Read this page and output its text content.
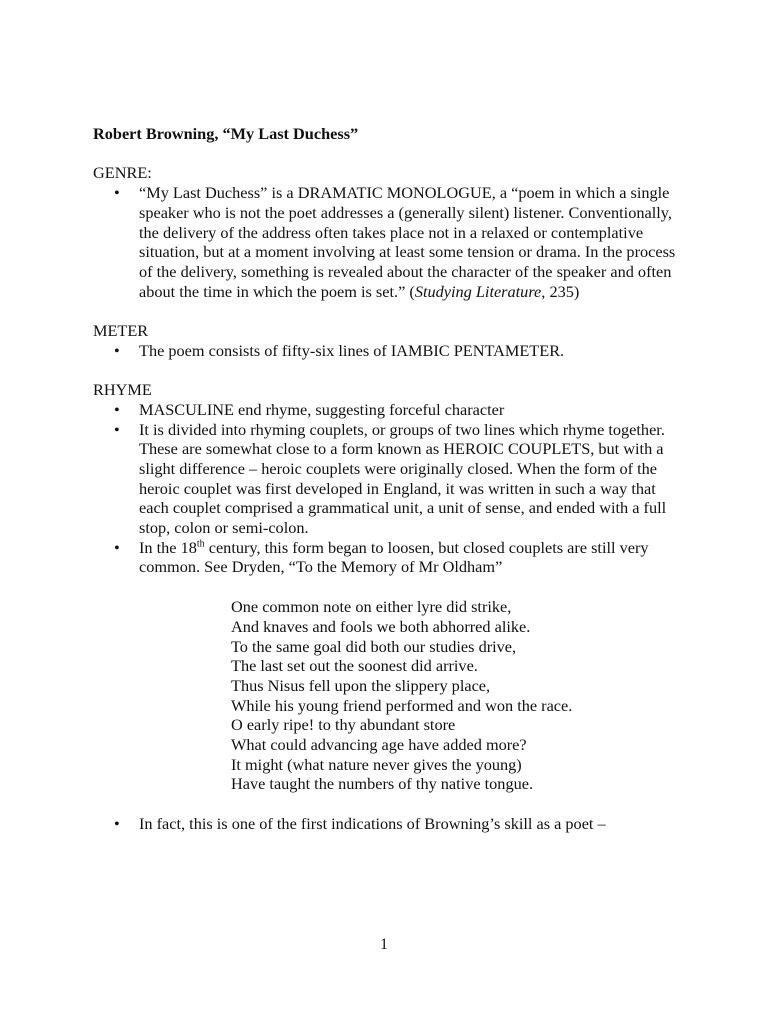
Robert Browning, “My Last Duchess”
GENRE:
• “My Last Duchess” is a DRAMATIC MONOLOGUE, a “poem in which a single speaker who is not the poet addresses a (generally silent) listener. Conventionally, the delivery of the address often takes place not in a relaxed or contemplative situation, but at a moment involving at least some tension or drama. In the process of the delivery, something is revealed about the character of the speaker and often about the time in which the poem is set.” (Studying Literature, 235)
METER
• The poem consists of fifty-six lines of IAMBIC PENTAMETER.
RHYME
• MASCULINE end rhyme, suggesting forceful character
• It is divided into rhyming couplets, or groups of two lines which rhyme together. These are somewhat close to a form known as HEROIC COUPLETS, but with a slight difference – heroic couplets were originally closed. When the form of the heroic couplet was first developed in England, it was written in such a way that each couplet comprised a grammatical unit, a unit of sense, and ended with a full stop, colon or semi-colon.
• In the 18th century, this form began to loosen, but closed couplets are still very common. See Dryden, “To the Memory of Mr Oldham”
One common note on either lyre did strike,
And knaves and fools we both abhorred alike.
To the same goal did both our studies drive,
The last set out the soonest did arrive.
Thus Nisus fell upon the slippery place,
While his young friend performed and won the race.
O early ripe! to thy abundant store
What could advancing age have added more?
It might (what nature never gives the young)
Have taught the numbers of thy native tongue.
• In fact, this is one of the first indications of Browning’s skill as a poet –
1
